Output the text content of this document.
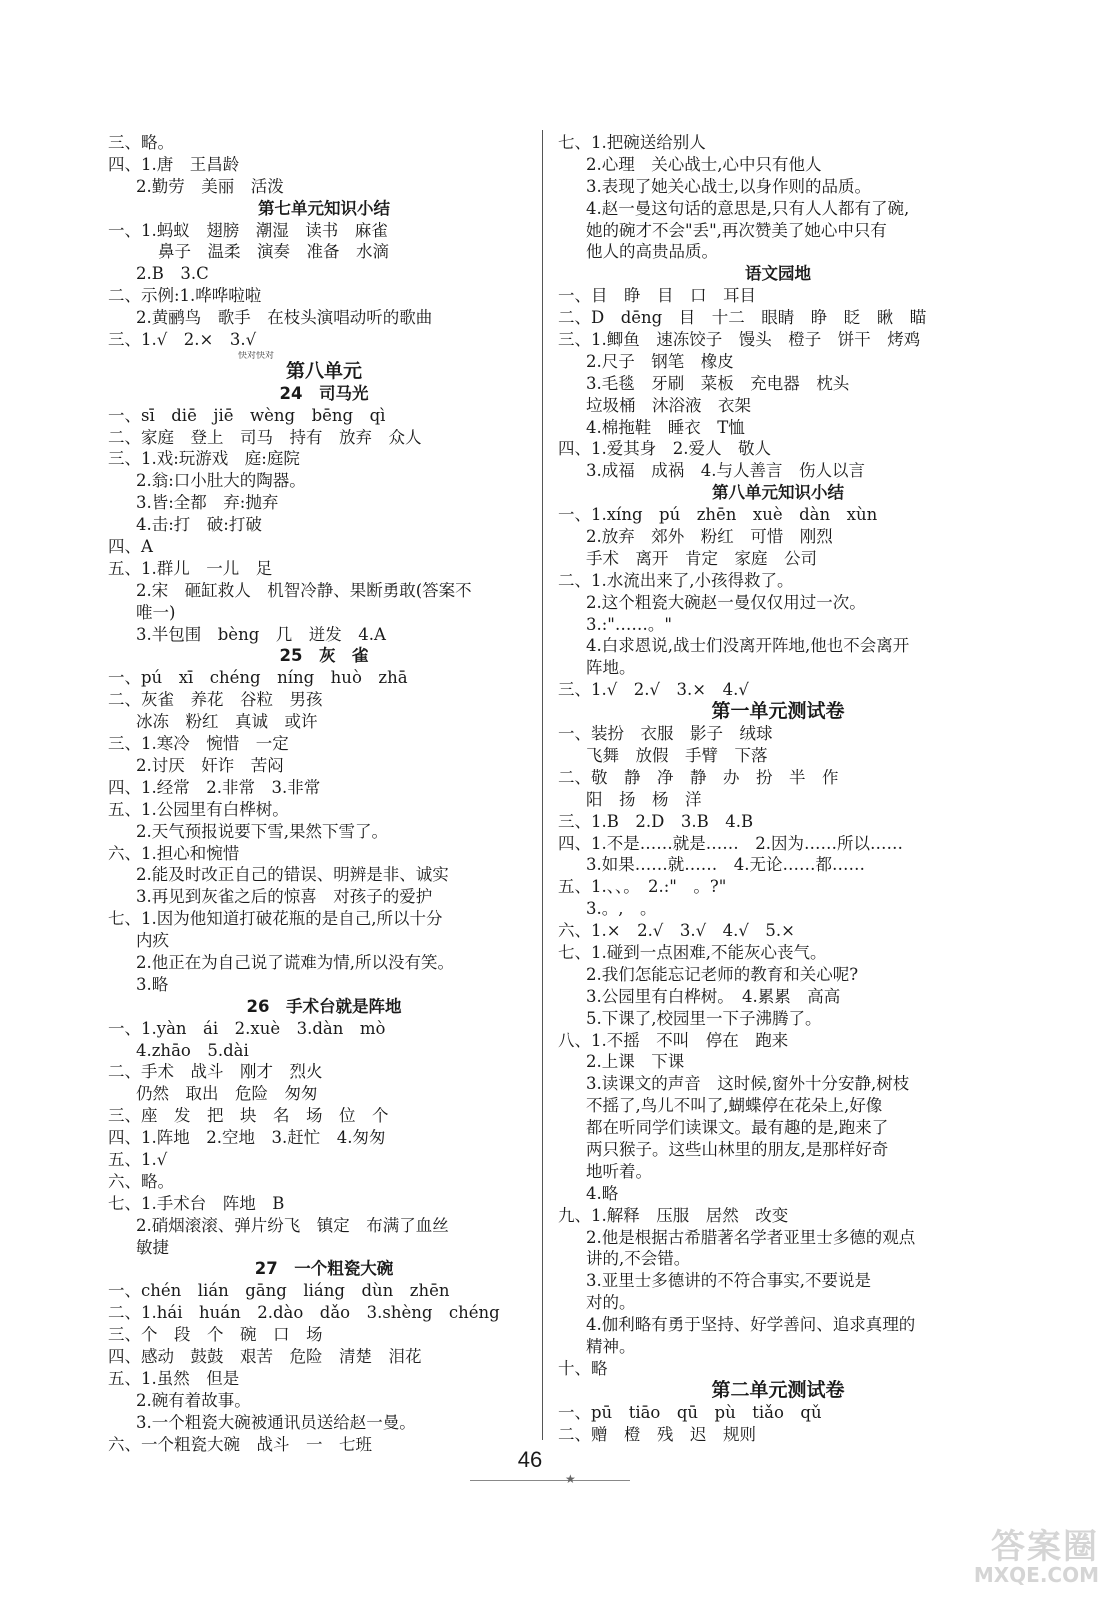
三、略。
四、1.唐　王昌龄
2.勤劳　美丽　活泼
第七单元知识小结
一、1.蚂蚁　翅膀　潮湿　读书　麻雀
鼻子　温柔　演奏　准备　水滴
2.B　3.C
二、示例:1.哗哗啦啦
2.黄鹂鸟　歌手　在枝头演唱动听的歌曲
三、1.√　2.×　3.√
快对快对
第八单元
24　司马光
一、sī　diē　jiē　wèng　bēng　qì
二、家庭　登上　司马　持有　放弃　众人
三、1.戏:玩游戏　庭:庭院
2.翁:口小肚大的陶器。
3.皆:全都　弃:抛弃
4.击:打　破:打破
四、A
五、1.群儿　一儿　足
2.宋　砸缸救人　机智冷静、果断勇敢(答案不
唯一)
3.半包围　bèng　几　迸发　4.A
25　灰　雀
一、pú　xī　chéng　níng　huò　zhā
二、灰雀　养花　谷粒　男孩
冰冻　粉红　真诚　或许
三、1.寒冷　惋惜　一定
2.讨厌　奸诈　苦闷
四、1.经常　2.非常　3.非常
五、1.公园里有白桦树。
2.天气预报说要下雪,果然下雪了。
六、1.担心和惋惜
2.能及时改正自己的错误、明辨是非、诚实
3.再见到灰雀之后的惊喜　对孩子的爱护
七、1.因为他知道打破花瓶的是自己,所以十分
内疚
2.他正在为自己说了谎难为情,所以没有笑。
3.略
26　手术台就是阵地
一、1.yàn　ái　2.xuè　3.dàn　mò
4.zhāo　5.dài
二、手术　战斗　刚才　烈火
仍然　取出　危险　匆匆
三、座　发　把　块　名　场　位　个
四、1.阵地　2.空地　3.赶忙　4.匆匆
五、1.√
六、略。
七、1.手术台　阵地　B
2.硝烟滚滚、弹片纷飞　镇定　布满了血丝
敏捷
27　一个粗瓷大碗
一、chén　lián　gāng　liáng　dùn　zhēn
二、1.hái　huán　2.dào　dǎo　3.shèng　chéng
三、个　段　个　碗　口　场
四、感动　鼓鼓　艰苦　危险　清楚　泪花
五、1.虽然　但是
2.碗有着故事。
3.一个粗瓷大碗被通讯员送给赵一曼。
六、一个粗瓷大碗　战斗　一　七班
七、1.把碗送给别人
2.心理　关心战士,心中只有他人
3.表现了她关心战士,以身作则的品质。
4.赵一曼这句话的意思是,只有人人都有了碗,
她的碗才不会"丢",再次赞美了她心中只有
他人的高贵品质。
语文园地
一、目　睁　目　口　耳目
二、D　dēng　目　十二　眼睛　睁　眨　瞅　瞄
三、1.鲫鱼　速冻饺子　馒头　橙子　饼干　烤鸡
2.尺子　钢笔　橡皮
3.毛毯　牙刷　菜板　充电器　枕头
垃圾桶　沐浴液　衣架
4.棉拖鞋　睡衣　T恤
四、1.爱其身　2.爱人　敬人
3.成福　成祸　4.与人善言　伤人以言
第八单元知识小结
一、1.xíng　pú　zhēn　xuè　dàn　xùn
2.放弃　郊外　粉红　可惜　刚烈
手术　离开　肯定　家庭　公司
二、1.水流出来了,小孩得救了。
2.这个粗瓷大碗赵一曼仅仅用过一次。
3.:"……。"
4.白求恩说,战士们没离开阵地,他也不会离开
阵地。
三、1.√　2.√　3.×　4.√
第一单元测试卷
一、装扮　衣服　影子　绒球
飞舞　放假　手臂　下落
二、敬　静　净　静　办　扮　半　作
阳　扬　杨　洋
三、1.B　2.D　3.B　4.B
四、1.不是……就是……　2.因为……所以……
3.如果……就……　4.无论……都……
五、1.、、。　2.:"　。?"
3.。,　。
六、1.×　2.√　3.√　4.√　5.×
七、1.碰到一点困难,不能灰心丧气。
2.我们怎能忘记老师的教育和关心呢?
3.公园里有白桦树。　4.累累　高高
5.下课了,校园里一下子沸腾了。
八、1.不摇　不叫　停在　跑来
2.上课　下课
3.读课文的声音　这时候,窗外十分安静,树枝
不摇了,鸟儿不叫了,蝴蝶停在花朵上,好像
都在听同学们读课文。最有趣的是,跑来了
两只猴子。这些山林里的朋友,是那样好奇
地听着。
4.略
九、1.解释　压服　居然　改变
2.他是根据古希腊著名学者亚里士多德的观点
讲的,不会错。
3.亚里士多德讲的不符合事实,不要说是
对的。
4.伽利略有勇于坚持、好学善问、追求真理的
精神。
十、略
第二单元测试卷
一、pū　tiāo　qū　pù　tiǎo　qǔ
二、赠　橙　残　迟　规则
46
★
答案圈
MXQE.COM
